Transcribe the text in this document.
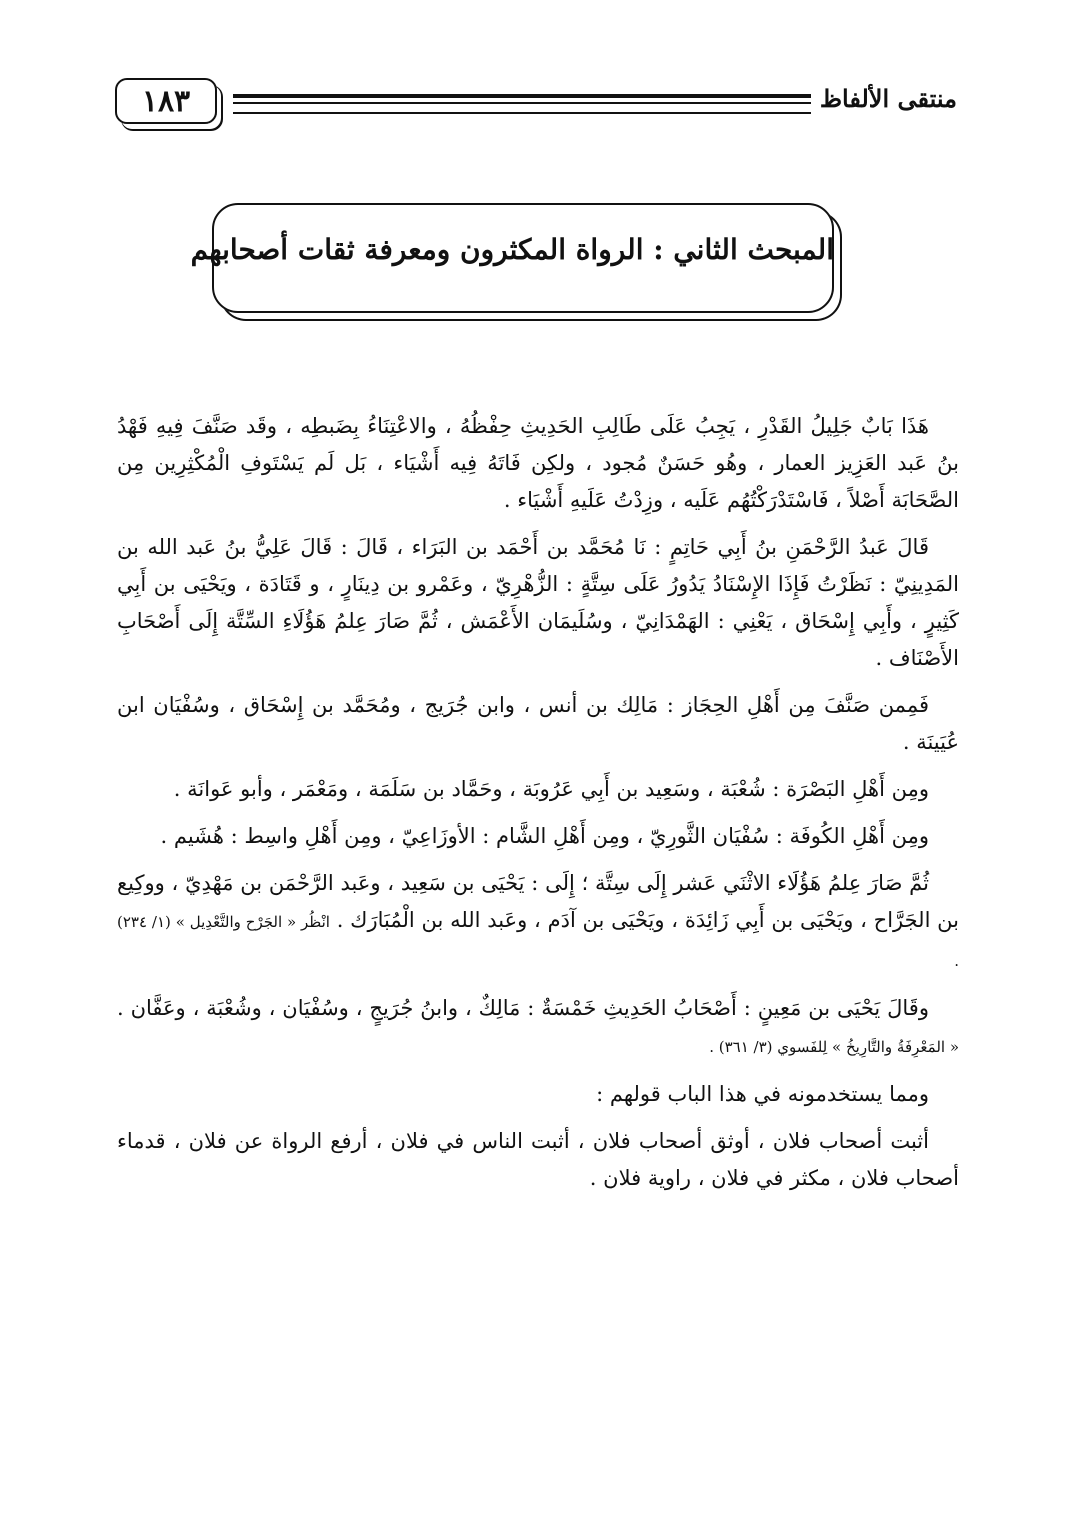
١٨٣	منتقى الألفاظ
المبحث الثاني : الرواة المكثرون ومعرفة ثقات أصحابهم

هَذَا بَابٌ جَلِيلُ القَدْرِ ، يَجِبُ عَلَى طَالِبِ الحَدِيثِ حِفْظُهُ ، والاعْتِنَاءُ بِضَبطِه ، وقَد صَنَّفَ فِيهِ فَهْدُ بنُ عَبد العَزِيز العمار ، وهُو حَسَنٌ مُجود ، ولكِن فَاتَهُ فِيه أَشْيَاء ، بَل لَم يَسْتَوفِ الْمُكْثِرِين مِن الصَّحَابَة أَصْلاً ، فَاسْتَدْرَكْتُهُم عَلَيه ، وزِدْتُ عَلَيهِ أَشْيَاء .

قَالَ عَبدُ الرَّحْمَنِ بنُ أَبِي حَاتِمٍ : نَا مُحَمَّد بن أَحْمَد بن البَرَاء ، قَالَ : قَالَ عَلِيُّ بنُ عَبد الله بن المَدِينِيّ : نَظَرْتُ فَإِذَا الإِسْنَادُ يَدُورُ عَلَى سِتَّةٍ : الزُّهْرِيّ ، وعَمْرو بن دِينَارٍ ، و قَتَادَة ، ويَحْيَى بن أَبِي كَثِيرٍ ، وأَبِي إِسْحَاق ، يَعْنِي : الهَمْدَانِيّ ، وسُلَيمَان الأَعْمَش ، ثُمَّ صَارَ عِلمُ هَؤُلَاءِ السِّتَّة إِلَى أَصْحَابِ الأَصْنَاف .

فَمِمن صَنَّفَ مِن أَهْلِ الحِجَاز : مَالِك بن أنس ، وابن جُرَيج ، ومُحَمَّد بن إِسْحَاق ، وسُفْيَان ابن عُيَينَة .

ومِن أَهْلِ البَصْرَة : شُعْبَة ، وسَعِيد بن أَبِي عَرُوبَة ، وحَمَّاد بن سَلَمَة ، ومَعْمَر ، وأبو عَوانَة .

ومِن أَهْلِ الكُوفَة : سُفْيَان الثَّورِيّ ، ومِن أَهْلِ الشَّام : الأوزَاعِيّ ، ومِن أَهْلِ واسِط : هُشَيم .

ثُمَّ صَارَ عِلمُ هَؤُلَاء الاثْنَي عَشر إِلَى سِتَّة ؛ إِلَى : يَحْيَى بن سَعِيد ، وعَبد الرَّحْمَن بن مَهْدِيّ ، ووكِيع بن الجَرَّاح ، ويَحْيَى بن أَبِي زَائِدَة ، ويَحْيَى بن آدَم ، وعَبد الله بن الْمُبَارَك . انْظُر « الجَرْح والتَّعْدِيل » (١/ ٢٣٤) .

وقَالَ يَحْيَى بن مَعِينٍ : أَصْحَابُ الحَدِيثِ خَمْسَةٌ : مَالِكٌ ، وابنُ جُرَيجٍ ، وسُفْيَان ، وشُعْبَة ، وعَفَّان . « المَعْرِفَةُ والتَّارِيخُ » لِلفَسوي (٣/ ٣٦١) .

ومما يستخدمونه في هذا الباب قولهم :

أثبت أصحاب فلان ، أوثق أصحاب فلان ، أثبت الناس في فلان ، أرفع الرواة عن فلان ، قدماء أصحاب فلان ، مكثر في فلان ، راوية فلان .
